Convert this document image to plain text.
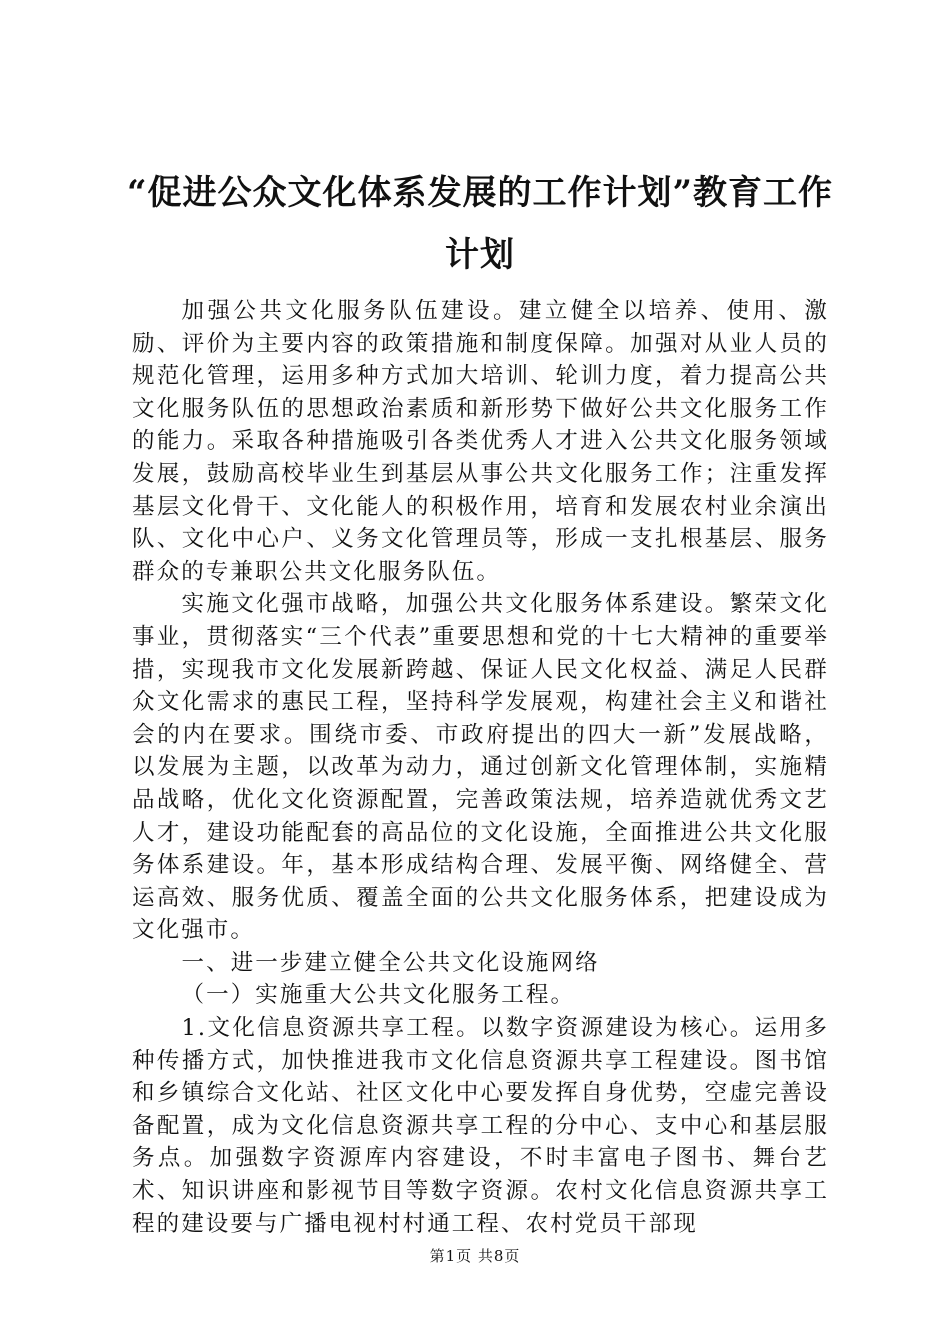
“促进公众文化体系发展的工作计划”教育工作计划

加强公共文化服务队伍建设。建立健全以培养、使用、激励、评价为主要内容的政策措施和制度保障。加强对从业人员的规范化管理，运用多种方式加大培训、轮训力度，着力提高公共文化服务队伍的思想政治素质和新形势下做好公共文化服务工作的能力。采取各种措施吸引各类优秀人才进入公共文化服务领域发展，鼓励高校毕业生到基层从事公共文化服务工作；注重发挥基层文化骨干、文化能人的积极作用，培育和发展农村业余演出队、文化中心户、义务文化管理员等，形成一支扎根基层、服务群众的专兼职公共文化服务队伍。

实施文化强市战略，加强公共文化服务体系建设。繁荣文化事业，贯彻落实“三个代表”重要思想和党的十七大精神的重要举措，实现我市文化发展新跨越、保证人民文化权益、满足人民群众文化需求的惠民工程，坚持科学发展观，构建社会主义和谐社会的内在要求。围绕市委、市政府提出的四大一新”发展战略，以发展为主题，以改革为动力，通过创新文化管理体制，实施精品战略，优化文化资源配置，完善政策法规，培养造就优秀文艺人才，建设功能配套的高品位的文化设施，全面推进公共文化服务体系建设。年，基本形成结构合理、发展平衡、网络健全、营运高效、服务优质、覆盖全面的公共文化服务体系，把建设成为文化强市。

一、进一步建立健全公共文化设施网络

（一）实施重大公共文化服务工程。

1.文化信息资源共享工程。以数字资源建设为核心。运用多种传播方式，加快推进我市文化信息资源共享工程建设。图书馆和乡镇综合文化站、社区文化中心要发挥自身优势，空虚完善设备配置，成为文化信息资源共享工程的分中心、支中心和基层服务点。加强数字资源库内容建设，不时丰富电子图书、舞台艺术、知识讲座和影视节目等数字资源。农村文化信息资源共享工程的建设要与广播电视村村通工程、农村党员干部现

第1页 共8页
